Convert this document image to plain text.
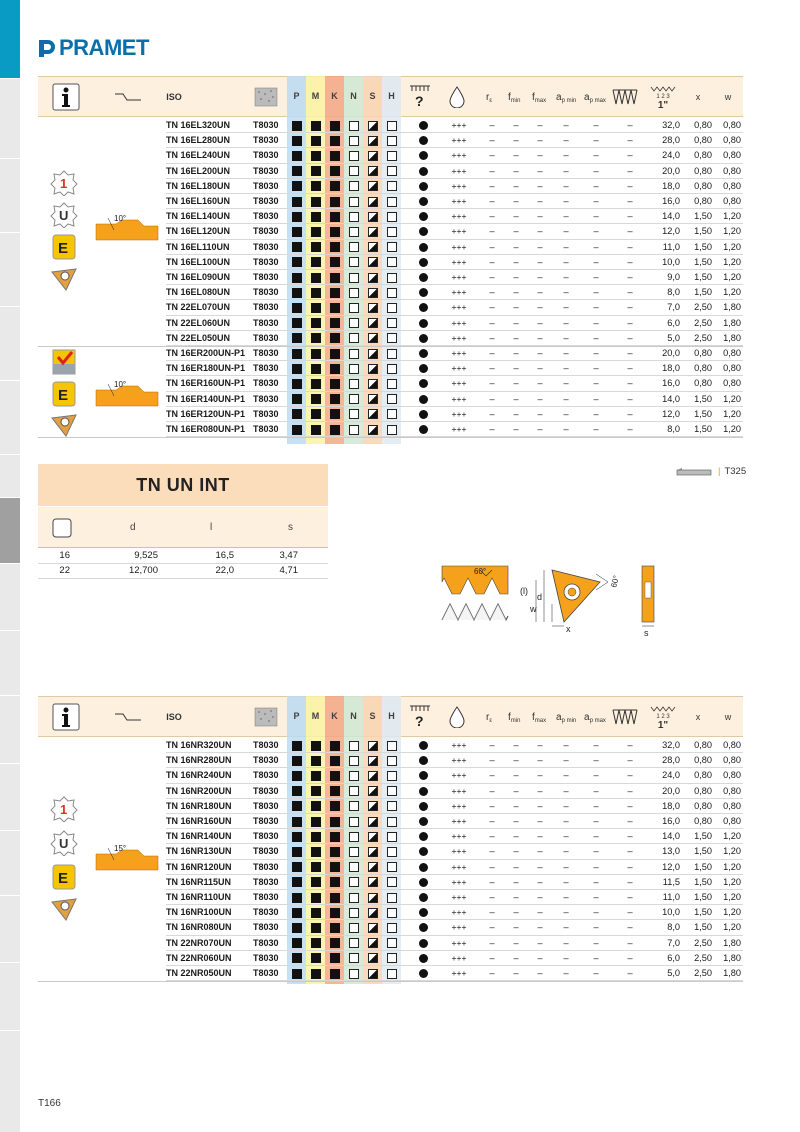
PRAMET
ISO	?	r ε f min f max a p min a p max
1 2 3
1"
x	w
P	M	K	N	S	H
TN 16EL320UN	T8030	+++	–	–	–	–	–	–	32,0	0,80	0,80
TN 16EL280UN	T8030	+++	–	–	–	–	–	–	28,0	0,80	0,80
TN 16EL240UN	T8030	+++	–	–	–	–	–	–	24,0	0,80	0,80
TN 16EL200UN	T8030	+++	–	–	–	–	–	–	20,0	0,80	0,80
TN 16EL180UN	T8030	+++	–	–	–	–	–	–	18,0	0,80	0,80
TN 16EL160UN	T8030	+++	–	–	–	–	–	–	16,0	0,80	0,80
TN 16EL140UN	T8030	+++	–	–	–	–	–	–	14,0	1,50	1,20
TN 16EL120UN	T8030	+++	–	–	–	–	–	–	12,0	1,50	1,20
TN 16EL110UN	T8030	+++	–	–	–	–	–	–	11,0	1,50	1,20
TN 16EL100UN	T8030	+++	–	–	–	–	–	–	10,0	1,50	1,20
TN 16EL090UN	T8030	+++	–	–	–	–	–	–	9,0	1,50	1,20
TN 16EL080UN	T8030	+++	–	–	–	–	–	–	8,0	1,50	1,20
TN 22EL070UN	T8030	+++	–	–	–	–	–	–	7,0	2,50	1,80
TN 22EL060UN	T8030	+++	–	–	–	–	–	–	6,0	2,50	1,80
TN 22EL050UN	T8030	+++	–	–	–	–	–	–	5,0	2,50	1,80
1
U
E
10°
TN 16ER200UN-P1 T8030	+++	–	–	–	–	–	–	20,0	0,80	0,80
TN 16ER180UN-P1 T8030	+++	–	–	–	–	–	–	18,0	0,80	0,80
TN 16ER160UN-P1 T8030	+++	–	–	–	–	–	–	16,0	0,80	0,80
TN 16ER140UN-P1 T8030	+++	–	–	–	–	–	–	14,0	1,50	1,20
TN 16ER120UN-P1 T8030	+++	–	–	–	–	–	–	12,0	1,50	1,20
TN 16ER080UN-P1 T8030	+++	–	–	–	–	–	–	8,0	1,50	1,20
E
10°
TN UN INT
d	l	s
16	9,525	16,5	3,47
22	12,700	22,0	4,71
| T325
60°
(l)
d
w
x
60°
s
ISO	?	r ε f min f max a p min a p max
1 2 3
1"
x	w
P	M	K	N	S	H
TN 16NR320UN	T8030	+++	–	–	–	–	–	–	32,0	0,80	0,80
TN 16NR280UN	T8030	+++	–	–	–	–	–	–	28,0	0,80	0,80
TN 16NR240UN	T8030	+++	–	–	–	–	–	–	24,0	0,80	0,80
TN 16NR200UN	T8030	+++	–	–	–	–	–	–	20,0	0,80	0,80
TN 16NR180UN	T8030	+++	–	–	–	–	–	–	18,0	0,80	0,80
TN 16NR160UN	T8030	+++	–	–	–	–	–	–	16,0	0,80	0,80
TN 16NR140UN	T8030	+++	–	–	–	–	–	–	14,0	1,50	1,20
TN 16NR130UN	T8030	+++	–	–	–	–	–	–	13,0	1,50	1,20
TN 16NR120UN	T8030	+++	–	–	–	–	–	–	12,0	1,50	1,20
TN 16NR115UN	T8030	+++	–	–	–	–	–	–	11,5	1,50	1,20
TN 16NR110UN	T8030	+++	–	–	–	–	–	–	11,0	1,50	1,20
TN 16NR100UN	T8030	+++	–	–	–	–	–	–	10,0	1,50	1,20
TN 16NR080UN	T8030	+++	–	–	–	–	–	–	8,0	1,50	1,20
TN 22NR070UN	T8030	+++	–	–	–	–	–	–	7,0	2,50	1,80
TN 22NR060UN	T8030	+++	–	–	–	–	–	–	6,0	2,50	1,80
TN 22NR050UN	T8030	+++	–	–	–	–	–	–	5,0	2,50	1,80
1
U
E
15°
T166
